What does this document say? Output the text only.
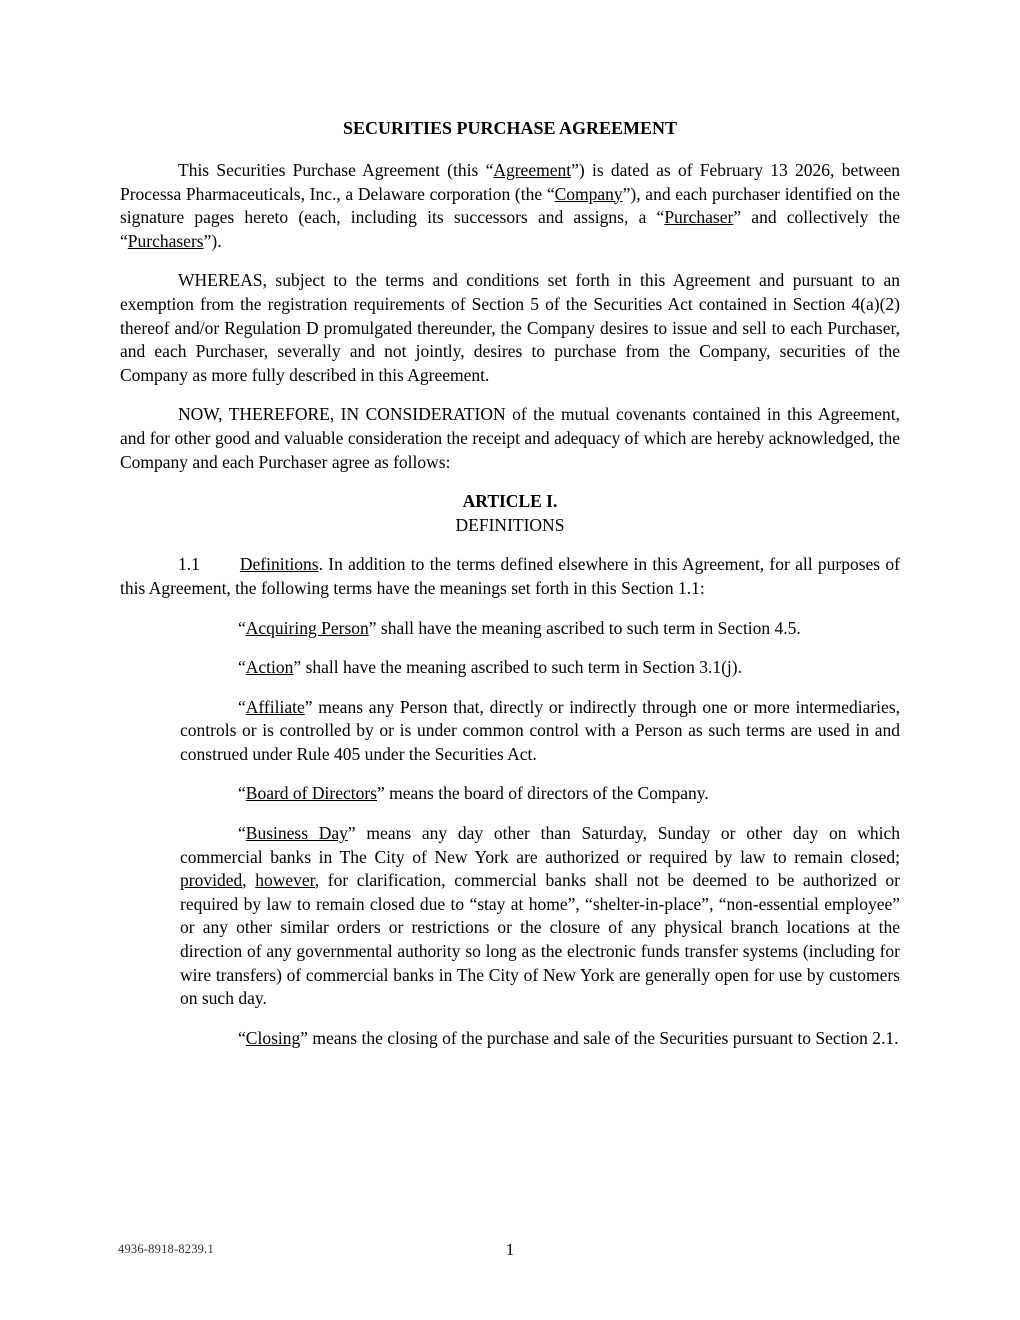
SECURITIES PURCHASE AGREEMENT

This Securities Purchase Agreement (this “Agreement”) is dated as of February 13 2026, between Processa Pharmaceuticals, Inc., a Delaware corporation (the “Company”), and each purchaser identified on the signature pages hereto (each, including its successors and assigns, a “Purchaser” and collectively the “Purchasers”).

WHEREAS, subject to the terms and conditions set forth in this Agreement and pursuant to an exemption from the registration requirements of Section 5 of the Securities Act contained in Section 4(a)(2) thereof and/or Regulation D promulgated thereunder, the Company desires to issue and sell to each Purchaser, and each Purchaser, severally and not jointly, desires to purchase from the Company, securities of the Company as more fully described in this Agreement.

NOW, THEREFORE, IN CONSIDERATION of the mutual covenants contained in this Agreement, and for other good and valuable consideration the receipt and adequacy of which are hereby acknowledged, the Company and each Purchaser agree as follows:

ARTICLE I.

DEFINITIONS

1.1 Definitions. In addition to the terms defined elsewhere in this Agreement, for all purposes of this Agreement, the following terms have the meanings set forth in this Section 1.1:

“Acquiring Person” shall have the meaning ascribed to such term in Section 4.5.

“Action” shall have the meaning ascribed to such term in Section 3.1(j).

“Affiliate” means any Person that, directly or indirectly through one or more intermediaries, controls or is controlled by or is under common control with a Person as such terms are used in and construed under Rule 405 under the Securities Act.

“Board of Directors” means the board of directors of the Company.

“Business Day” means any day other than Saturday, Sunday or other day on which commercial banks in The City of New York are authorized or required by law to remain closed; provided, however, for clarification, commercial banks shall not be deemed to be authorized or required by law to remain closed due to “stay at home”, “shelter-in-place”, “non-essential employee” or any other similar orders or restrictions or the closure of any physical branch locations at the direction of any governmental authority so long as the electronic funds transfer systems (including for wire transfers) of commercial banks in The City of New York are generally open for use by customers on such day.

“Closing” means the closing of the purchase and sale of the Securities pursuant to Section 2.1.

4936-8918-8239.1	1
